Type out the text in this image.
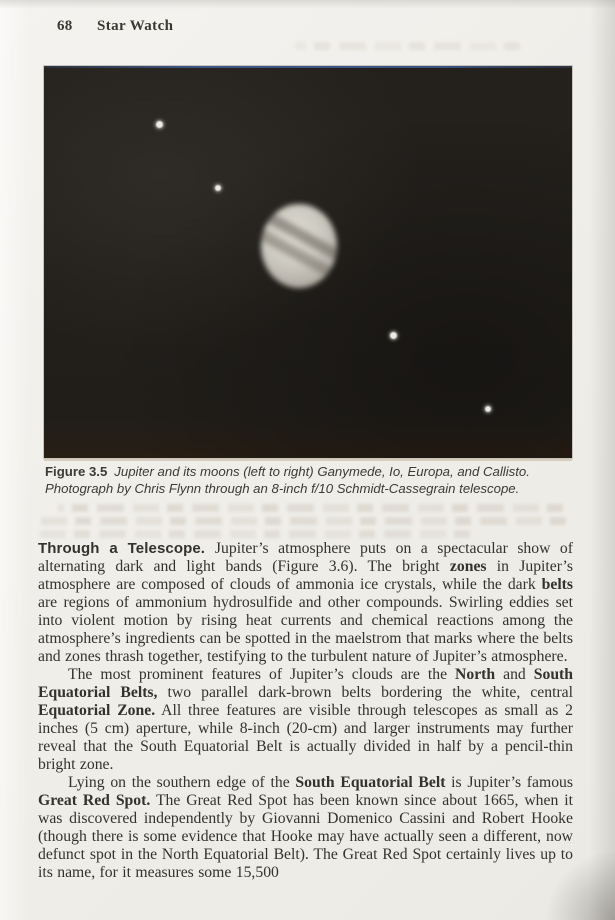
68 Star Watch
Figure 3.5 Jupiter and its moons (left to right) Ganymede, Io, Europa, and Callisto. Photograph by Chris Flynn through an 8-inch f/10 Schmidt-Cassegrain telescope.

Through a Telescope. Jupiter’s atmosphere puts on a spectacular show of alternating dark and light bands (Figure 3.6). The bright zones in Jupiter’s atmosphere are composed of clouds of ammonia ice crystals, while the dark belts are regions of ammonium hydrosulfide and other compounds. Swirling eddies set into violent motion by rising heat currents and chemical reactions among the atmosphere’s ingredients can be spotted in the maelstrom that marks where the belts and zones thrash together, testifying to the turbulent nature of Jupiter’s atmosphere.

The most prominent features of Jupiter’s clouds are the North and South Equatorial Belts, two parallel dark-brown belts bordering the white, central Equatorial Zone. All three features are visible through telescopes as small as 2 inches (5 cm) aperture, while 8-inch (20-cm) and larger instruments may further reveal that the South Equatorial Belt is actually divided in half by a pencil-thin bright zone.

Lying on the southern edge of the South Equatorial Belt is Jupiter’s famous Great Red Spot. The Great Red Spot has been known since about 1665, when it was discovered independently by Giovanni Domenico Cassini and Robert Hooke (though there is some evidence that Hooke may have actually seen a different, now defunct spot in the North Equatorial Belt). The Great Red Spot certainly lives up to its name, for it measures some 15,500
